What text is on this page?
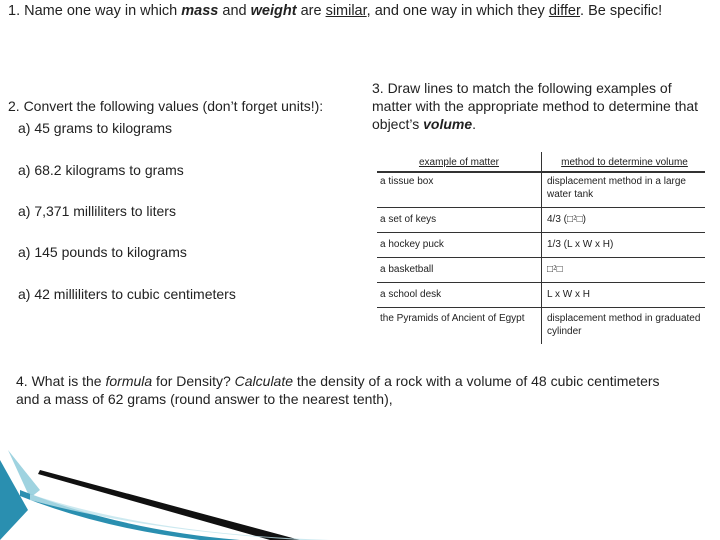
1. Name one way in which mass and weight are similar, and one way in which they differ. Be specific!
2. Convert the following values (don’t forget units!):
a) 45 grams to kilograms
a) 68.2 kilograms to grams
a) 7,371 milliliters to liters
a) 145 pounds to kilograms
a) 42 milliliters to cubic centimeters
3. Draw lines to match the following examples of
matter with the appropriate method to determine that
object’s volume.
example of matter	method to determine volume
a tissue box	displacement method in a large water tank
a set of keys	4/3 (□⁲□)
a hockey puck	1/3 (L x W x H)
a basketball	□⁲□
a school desk	L x W x H
the Pyramids of Ancient of Egypt	displacement method in graduated cylinder
4. What is the formula for Density? Calculate the density of a rock with a volume of 48 cubic centimeters and a mass of 62 grams (round answer to the nearest tenth),
